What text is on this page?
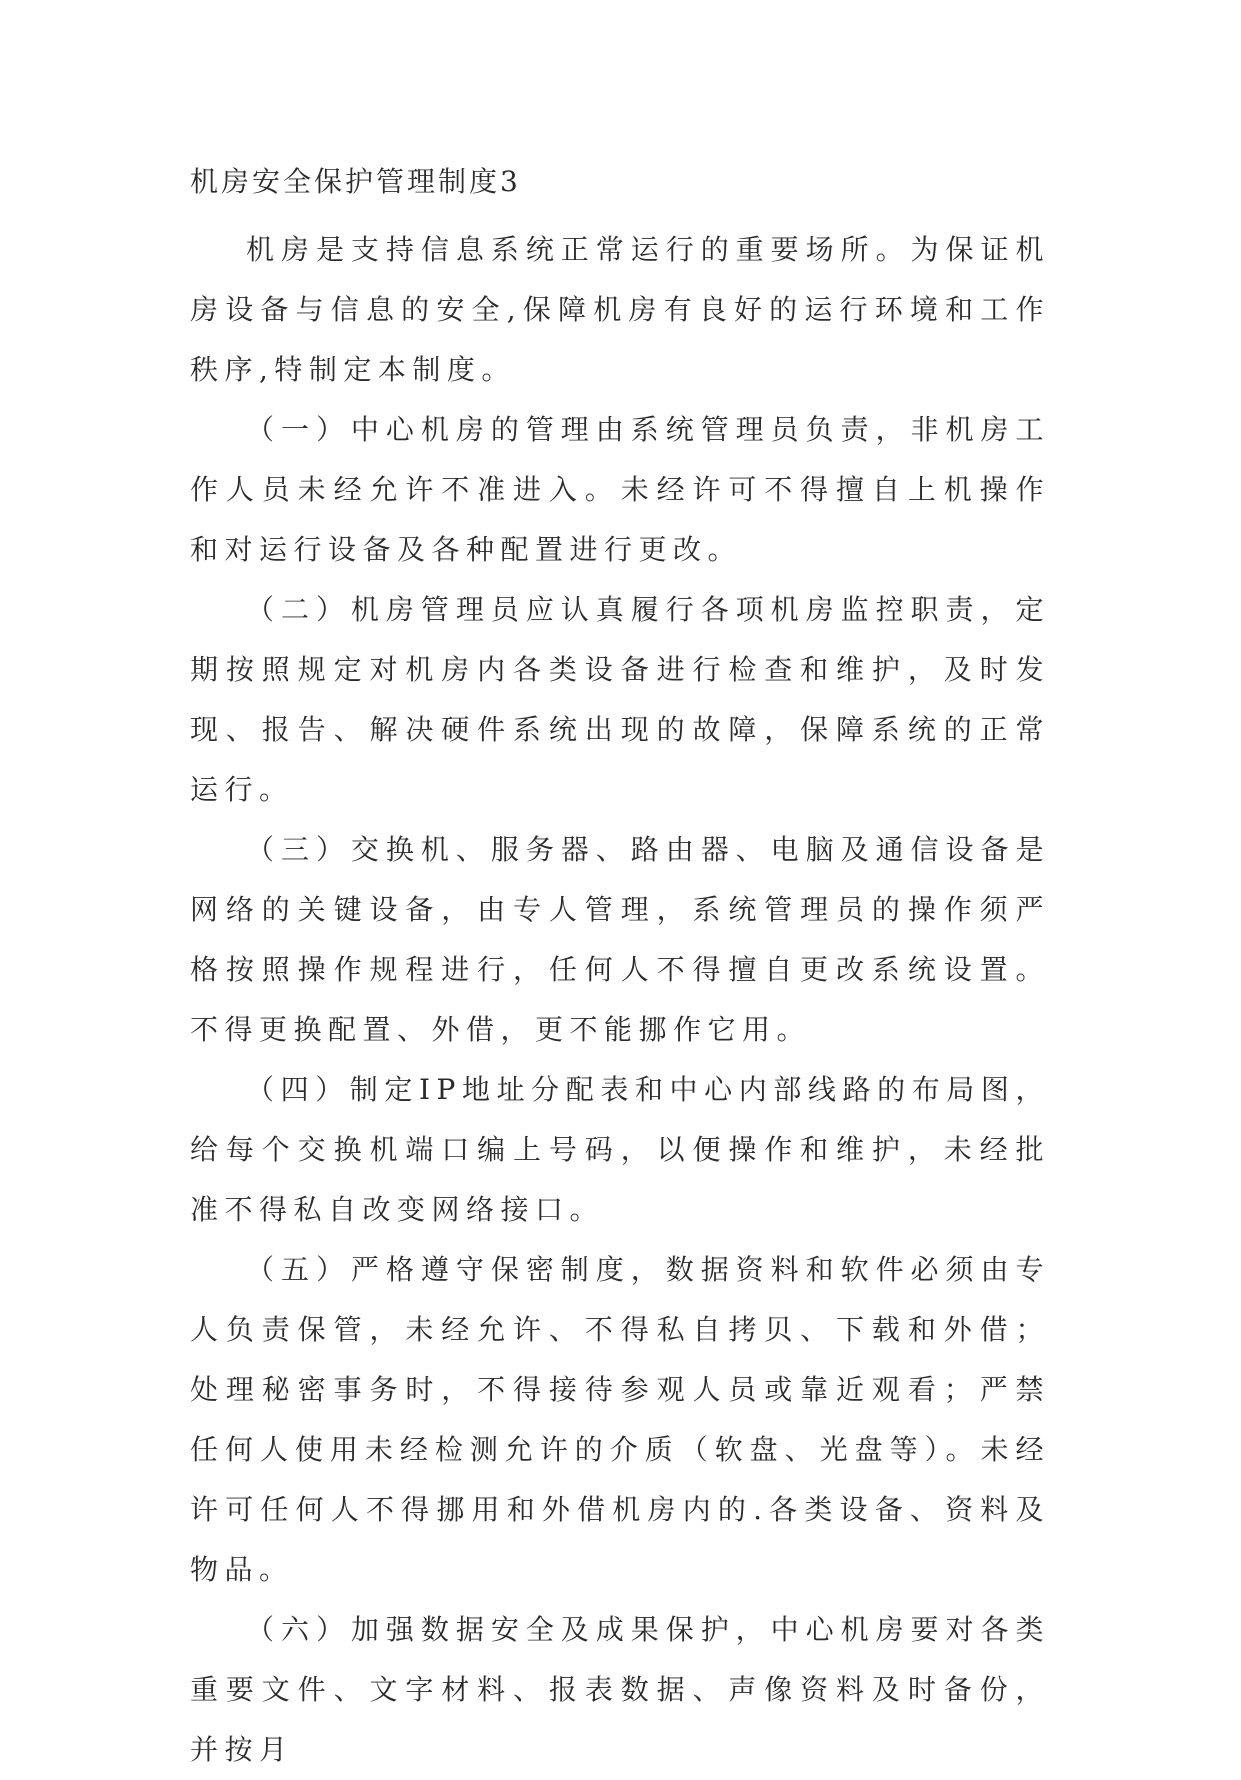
机房安全保护管理制度3

机房是支持信息系统正常运行的重要场所。为保证机房设备与信息的安全,保障机房有良好的运行环境和工作秩序,特制定本制度。

（一）中心机房的管理由系统管理员负责，非机房工作人员未经允许不准进入。未经许可不得擅自上机操作和对运行设备及各种配置进行更改。

（二）机房管理员应认真履行各项机房监控职责，定期按照规定对机房内各类设备进行检查和维护，及时发现、报告、解决硬件系统出现的故障，保障系统的正常运行。

（三）交换机、服务器、路由器、电脑及通信设备是网络的关键设备，由专人管理，系统管理员的操作须严格按照操作规程进行，任何人不得擅自更改系统设置。不得更换配置、外借，更不能挪作它用。

（四）制定IP地址分配表和中心内部线路的布局图，给每个交换机端口编上号码，以便操作和维护，未经批准不得私自改变网络接口。

（五）严格遵守保密制度，数据资料和软件必须由专人负责保管，未经允许、不得私自拷贝、下载和外借；处理秘密事务时，不得接待参观人员或靠近观看；严禁任何人使用未经检测允许的介质（软盘、光盘等）。未经许可任何人不得挪用和外借机房内的.各类设备、资料及物品。

（六）加强数据安全及成果保护，中心机房要对各类重要文件、文字材料、报表数据、声像资料及时备份，并按月
